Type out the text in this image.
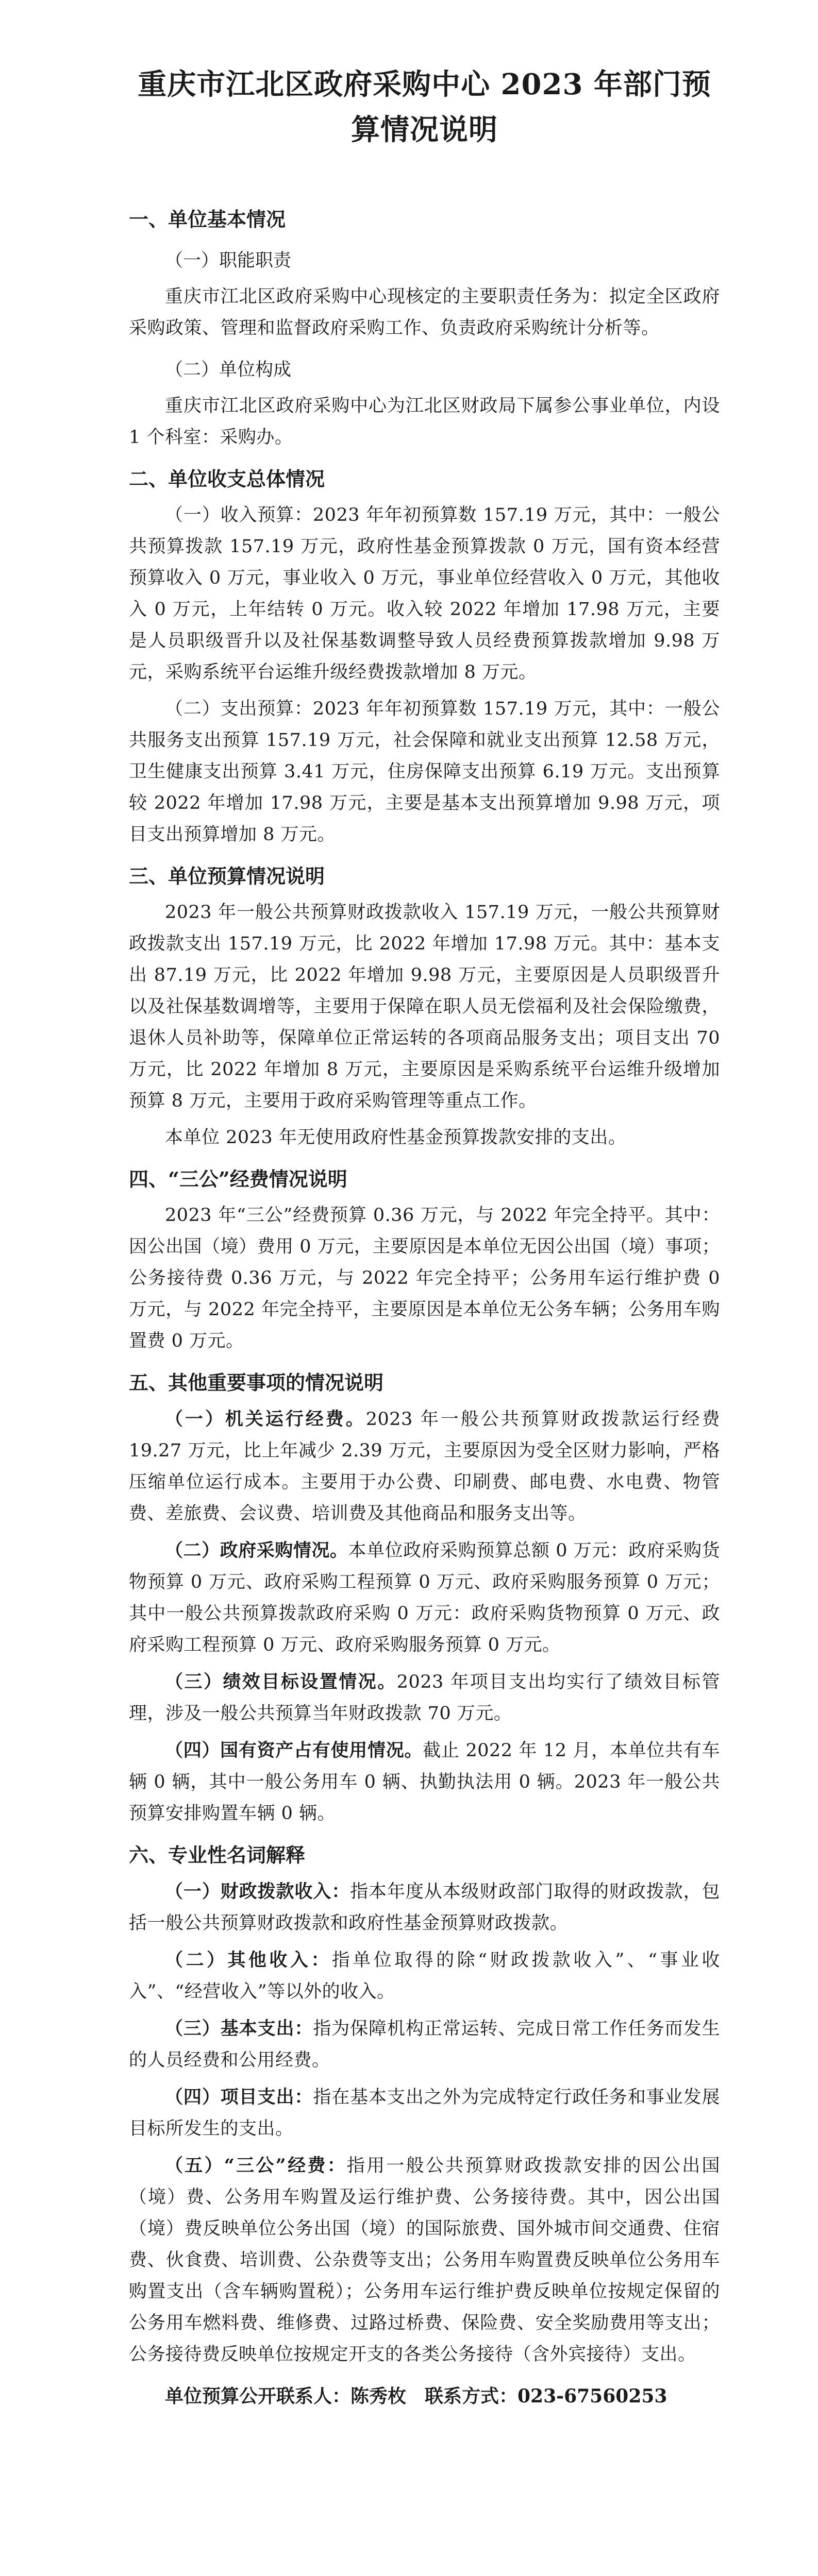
重庆市江北区政府采购中心 2023 年部门预
算情况说明
一、单位基本情况
（一）职能职责

重庆市江北区政府采购中心现核定的主要职责任务为：拟定全区政府采购政策、管理和监督政府采购工作、负责政府采购统计分析等。

（二）单位构成

重庆市江北区政府采购中心为江北区财政局下属参公事业单位，内设 1 个科室：采购办。

二、单位收支总体情况

（一）收入预算：2023 年年初预算数 157.19 万元，其中：一般公共预算拨款 157.19 万元，政府性基金预算拨款 0 万元，国有资本经营预算收入 0 万元，事业收入 0 万元，事业单位经营收入 0 万元，其他收入 0 万元，上年结转 0 万元。收入较 2022 年增加 17.98 万元，主要是人员职级晋升以及社保基数调整导致人员经费预算拨款增加 9.98 万元，采购系统平台运维升级经费拨款增加 8 万元。

（二）支出预算：2023 年年初预算数 157.19 万元，其中：一般公共服务支出预算 157.19 万元，社会保障和就业支出预算 12.58 万元，卫生健康支出预算 3.41 万元，住房保障支出预算 6.19 万元。支出预算较 2022 年增加 17.98 万元，主要是基本支出预算增加 9.98 万元，项目支出预算增加 8 万元。

三、单位预算情况说明

2023 年一般公共预算财政拨款收入 157.19 万元，一般公共预算财政拨款支出 157.19 万元，比 2022 年增加 17.98 万元。其中：基本支出 87.19 万元，比 2022 年增加 9.98 万元，主要原因是人员职级晋升以及社保基数调增等，主要用于保障在职人员无偿福利及社会保险缴费，退休人员补助等，保障单位正常运转的各项商品服务支出；项目支出 70 万元，比 2022 年增加 8 万元，主要原因是采购系统平台运维升级增加预算 8 万元，主要用于政府采购管理等重点工作。

本单位 2023 年无使用政府性基金预算拨款安排的支出。

四、“三公”经费情况说明

2023 年“三公”经费预算 0.36 万元，与 2022 年完全持平。其中：因公出国（境）费用 0 万元，主要原因是本单位无因公出国（境）事项；公务接待费 0.36 万元，与 2022 年完全持平；公务用车运行维护费 0 万元，与 2022 年完全持平，主要原因是本单位无公务车辆；公务用车购置费 0 万元。

五、其他重要事项的情况说明

（一）机关运行经费。2023 年一般公共预算财政拨款运行经费 19.27 万元，比上年减少 2.39 万元，主要原因为受全区财力影响，严格压缩单位运行成本。主要用于办公费、印刷费、邮电费、水电费、物管费、差旅费、会议费、培训费及其他商品和服务支出等。

（二）政府采购情况。本单位政府采购预算总额 0 万元：政府采购货物预算 0 万元、政府采购工程预算 0 万元、政府采购服务预算 0 万元；其中一般公共预算拨款政府采购 0 万元：政府采购货物预算 0 万元、政府采购工程预算 0 万元、政府采购服务预算 0 万元。

（三）绩效目标设置情况。2023 年项目支出均实行了绩效目标管理，涉及一般公共预算当年财政拨款 70 万元。

（四）国有资产占有使用情况。截止 2022 年 12 月，本单位共有车辆 0 辆，其中一般公务用车 0 辆、执勤执法用 0 辆。2023 年一般公共预算安排购置车辆 0 辆。

六、专业性名词解释

（一）财政拨款收入：指本年度从本级财政部门取得的财政拨款，包括一般公共预算财政拨款和政府性基金预算财政拨款。

（二）其他收入：指单位取得的除“财政拨款收入”、“事业收入”、“经营收入”等以外的收入。

（三）基本支出：指为保障机构正常运转、完成日常工作任务而发生的人员经费和公用经费。

（四）项目支出：指在基本支出之外为完成特定行政任务和事业发展目标所发生的支出。

（五）“三公”经费：指用一般公共预算财政拨款安排的因公出国（境）费、公务用车购置及运行维护费、公务接待费。其中，因公出国（境）费反映单位公务出国（境）的国际旅费、国外城市间交通费、住宿费、伙食费、培训费、公杂费等支出；公务用车购置费反映单位公务用车购置支出（含车辆购置税）；公务用车运行维护费反映单位按规定保留的公务用车燃料费、维修费、过路过桥费、保险费、安全奖励费用等支出；公务接待费反映单位按规定开支的各类公务接待（含外宾接待）支出。

单位预算公开联系人：陈秀枚　联系方式：023-67560253
